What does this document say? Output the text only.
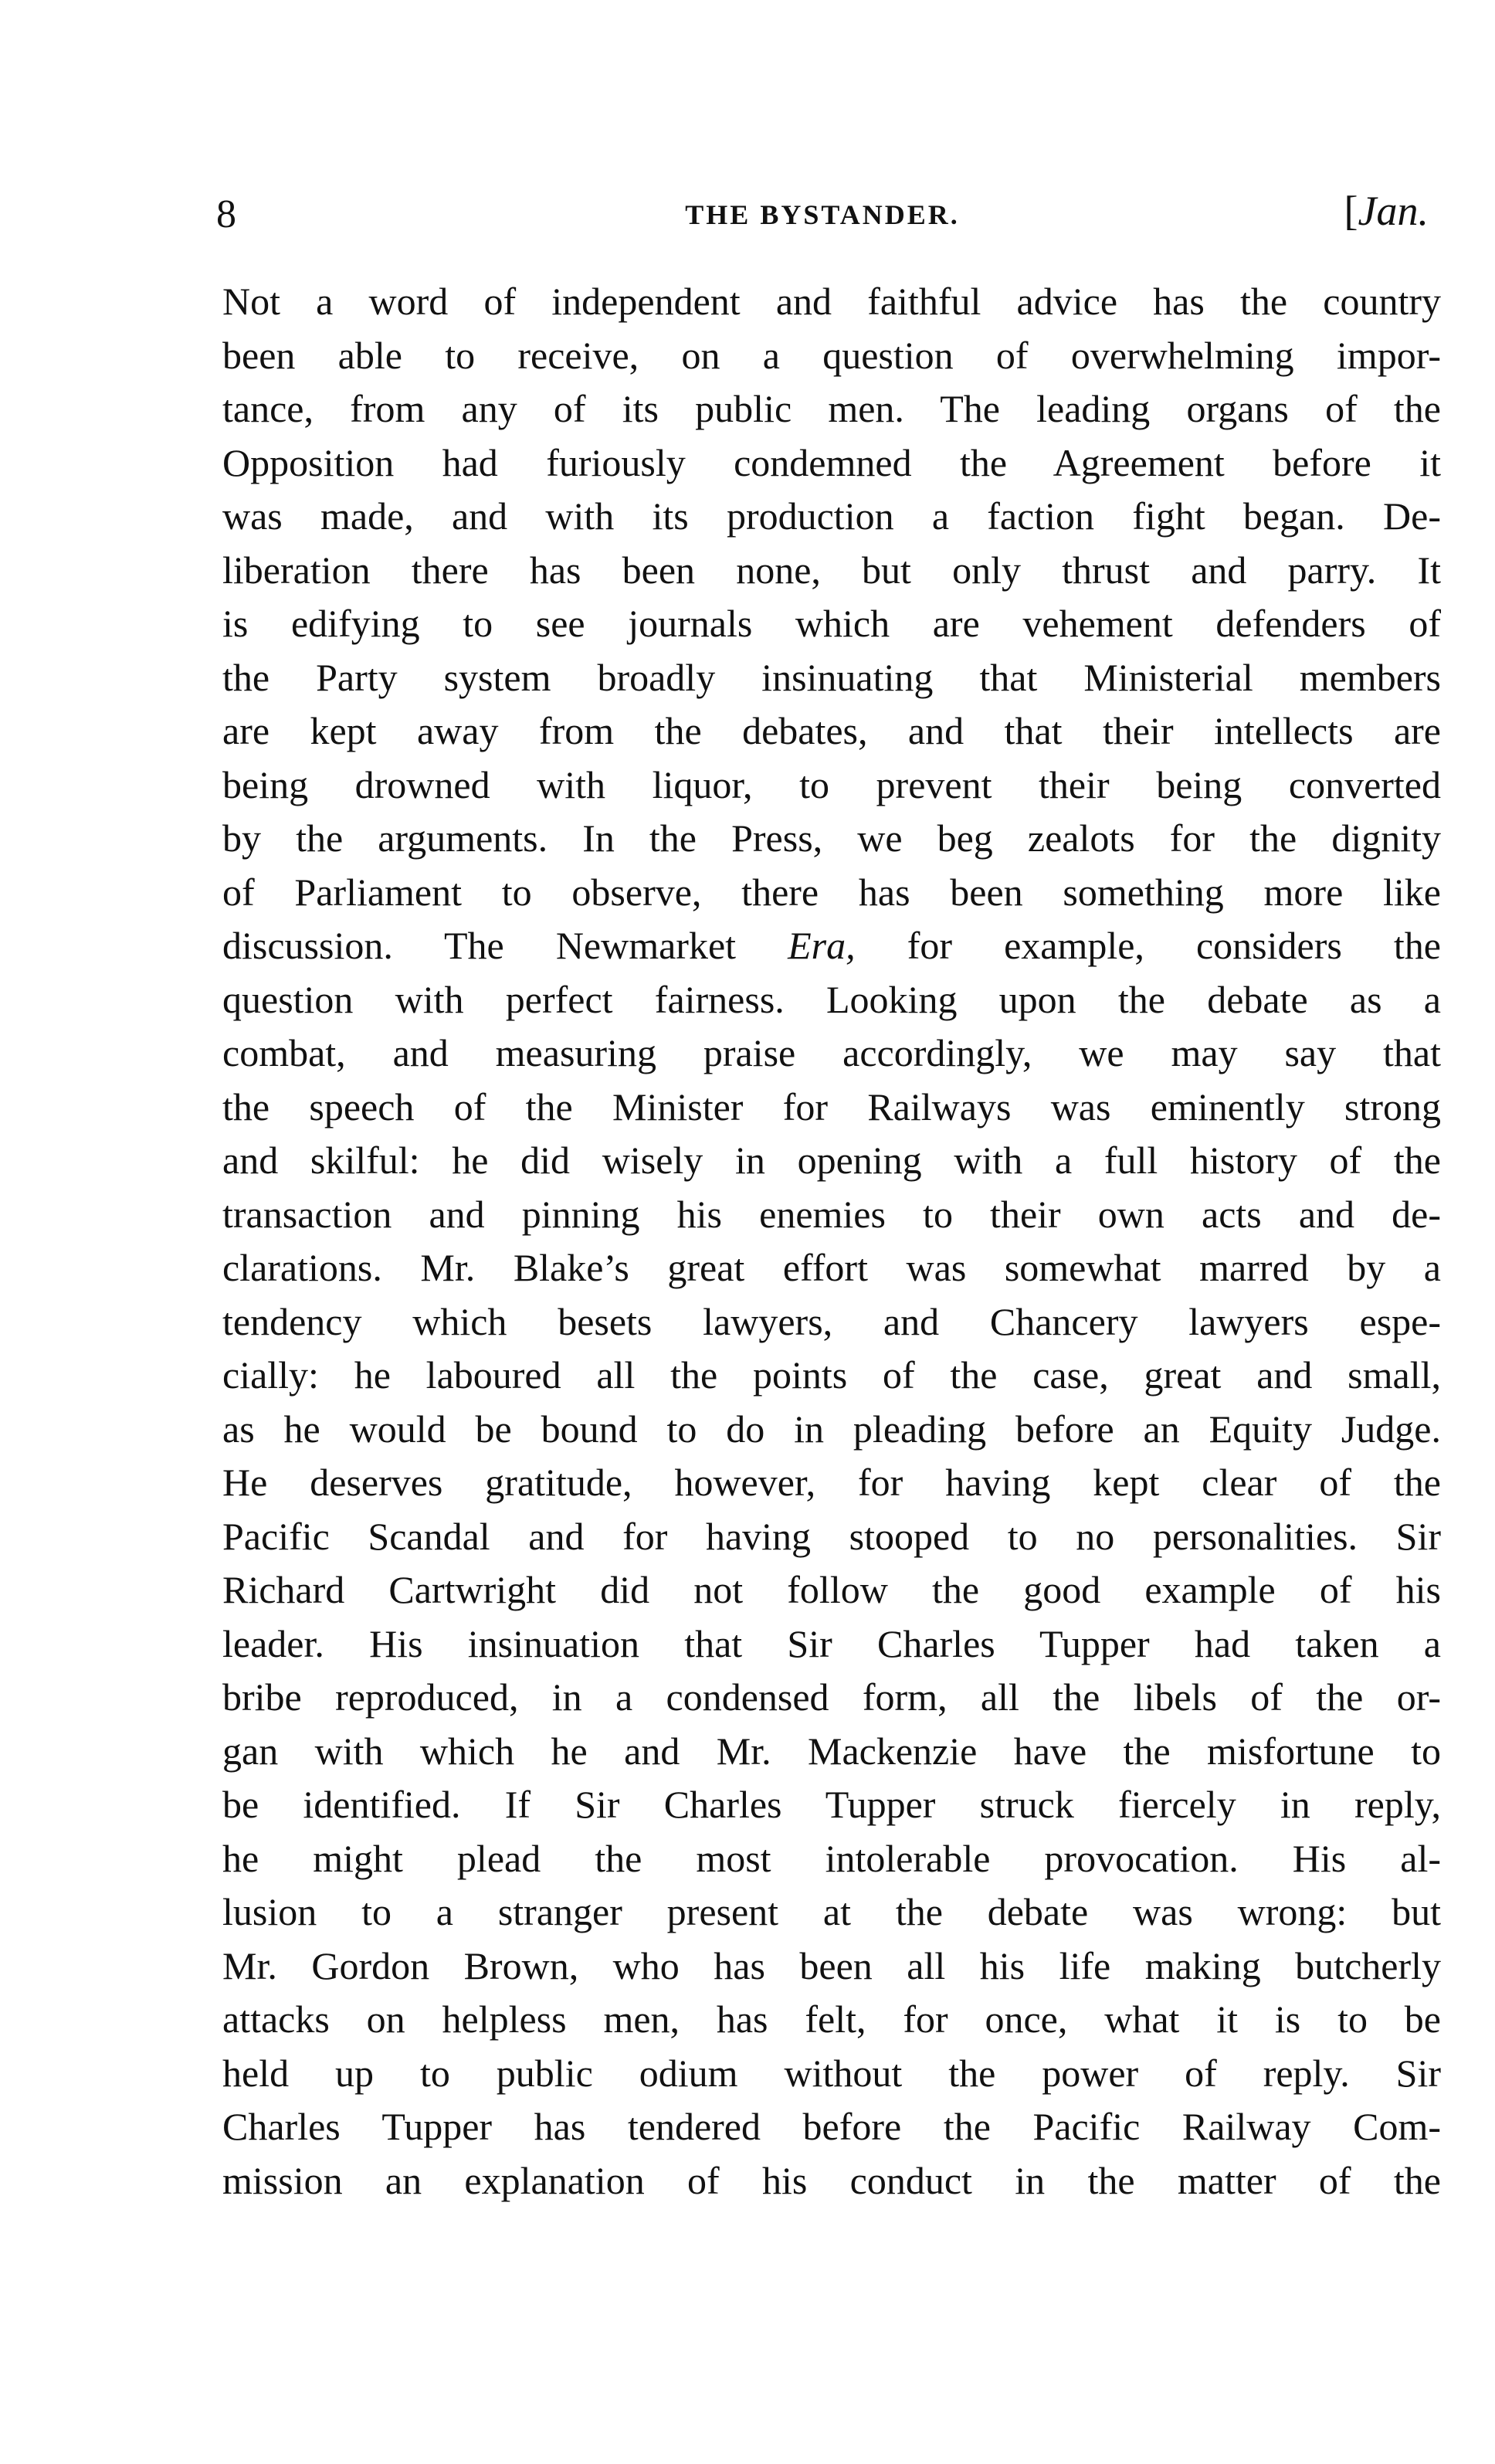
8	THE BYSTANDER.	[Jan.
Not a word of independent and faithful advice has the country
been able to receive, on a question of overwhelming impor-
tance, from any of its public men. The leading organs of the
Opposition had furiously condemned the Agreement before it
was made, and with its production a faction fight began. De-
liberation there has been none, but only thrust and parry. It
is edifying to see journals which are vehement defenders of
the Party system broadly insinuating that Ministerial members
are kept away from the debates, and that their intellects are
being drowned with liquor, to prevent their being converted
by the arguments. In the Press, we beg zealots for the dignity
of Parliament to observe, there has been something more like
discussion. The Newmarket Era, for example, considers the
question with perfect fairness. Looking upon the debate as a
combat, and measuring praise accordingly, we may say that
the speech of the Minister for Railways was eminently strong
and skilful: he did wisely in opening with a full history of the
transaction and pinning his enemies to their own acts and de-
clarations. Mr. Blake’s great effort was somewhat marred by a
tendency which besets lawyers, and Chancery lawyers espe-
cially: he laboured all the points of the case, great and small,
as he would be bound to do in pleading before an Equity Judge.
He deserves gratitude, however, for having kept clear of the
Pacific Scandal and for having stooped to no personalities. Sir
Richard Cartwright did not follow the good example of his
leader. His insinuation that Sir Charles Tupper had taken a
bribe reproduced, in a condensed form, all the libels of the or-
gan with which he and Mr. Mackenzie have the misfortune to
be identified. If Sir Charles Tupper struck fiercely in reply,
he might plead the most intolerable provocation. His al-
lusion to a stranger present at the debate was wrong: but
Mr. Gordon Brown, who has been all his life making butcherly
attacks on helpless men, has felt, for once, what it is to be
held up to public odium without the power of reply. Sir
Charles Tupper has tendered before the Pacific Railway Com-
mission an explanation of his conduct in the matter of the
